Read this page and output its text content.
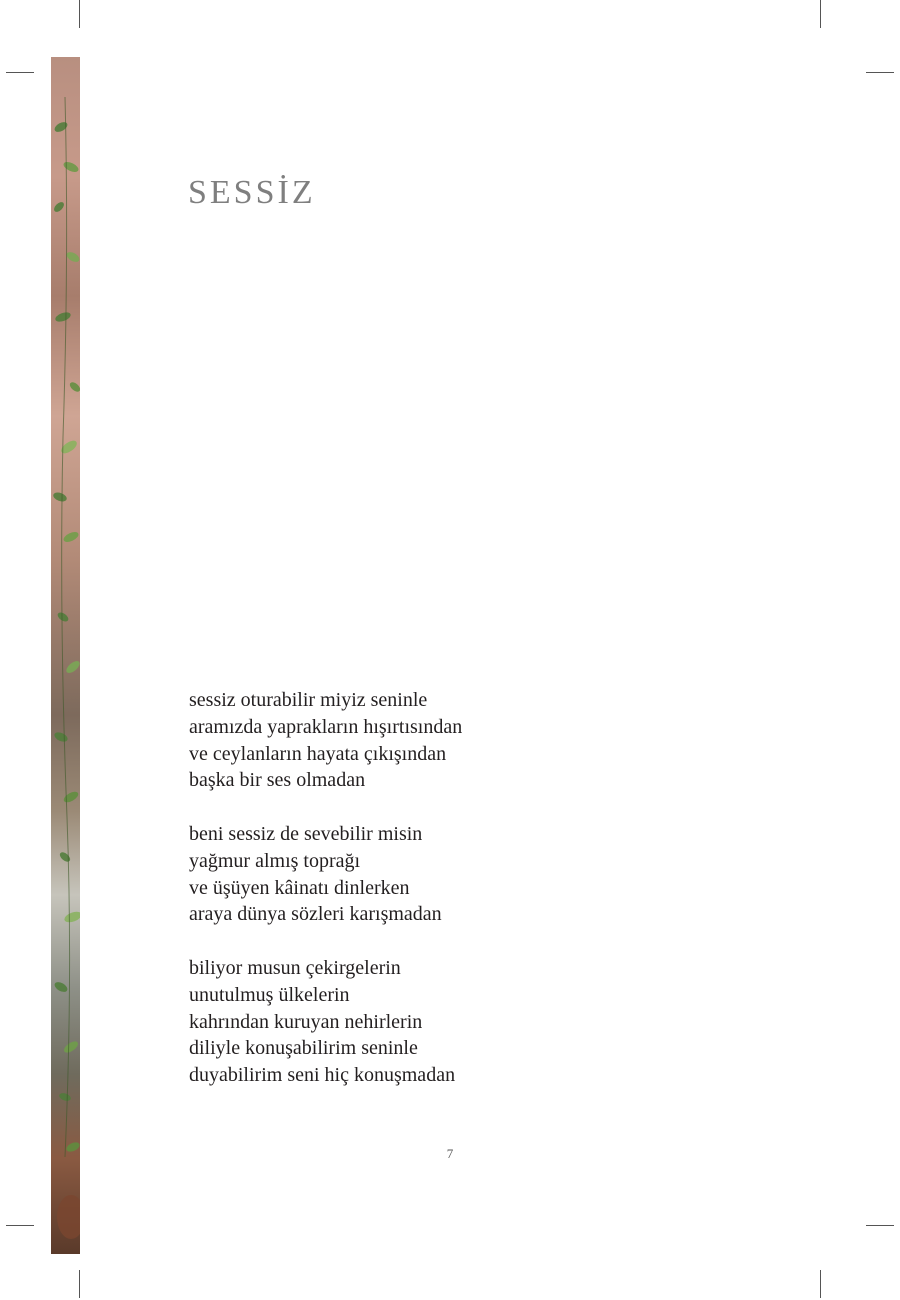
SESSİZ
sessiz oturabilir miyiz seninle
aramızda yaprakların hışırtısından
ve ceylanların hayata çıkışından
başka bir ses olmadan
beni sessiz de sevebilir misin
yağmur almış toprağı
ve üşüyen kâinatı dinlerken
araya dünya sözleri karışmadan
biliyor musun çekirgelerin
unutulmuş ülkelerin
kahrından kuruyan nehirlerin
diliyle konuşabilirim seninle
duyabilirim seni hiç konuşmadan
7
